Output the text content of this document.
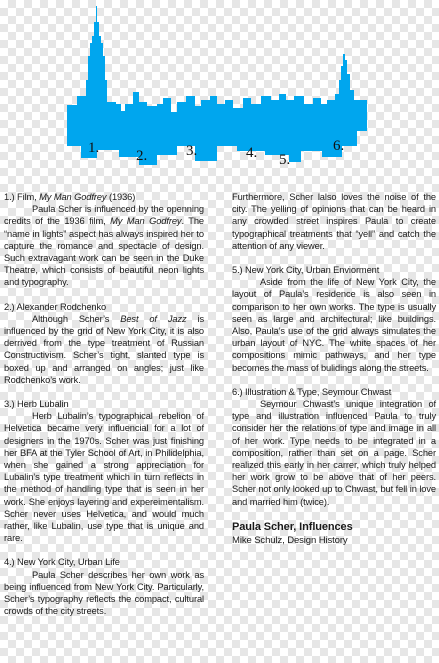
1. 2.	3.	4. 5.
6.

1.) Film, My Man Godfrey (1936)
Paula Scher is influenced by the openning credits of the 1936 film, My Man Godfrey. The “name in lights” aspect has always inspired her to capture the romance and spectacle of design. Such extravagant work can be seen in the Duke Theatre, which consists of beautiful neon lights and typography.

2.) Alexander Rodchenko
Although Scher’s Best of Jazz is influenced by the grid of New York City, it is also derrived from the type treatment of Russian Constructivism. Scher’s tight, slanted type is boxed up and arranged on angles; just like Rodchenko’s work.

3.) Herb Lubalin
Herb Lubalin’s typographical rebelion of Helvetica became very influencial for a lot of designers in the 1970s. Scher was just finishing her BFA at the Tyler School of Art, in Philidelphia, when she gained a strong appreciation for Lubalin’s type treatment which in turn reflects in the method of handling type that is seen in her work. She enjoys layering and expereimentalism. Scher never uses Helvetica, and would much rather, like Lubalin, use type that is unique and rare.

4.) New York City, Urban Life
Paula Scher describes her own work as being influenced from New York City. Particularly, Scher’s typography reflects the compact, cultural crowds of the city streets.

Furthermore, Scher lalso loves the noise of the city. The yelling of opinions that can be heard in any crowded street inspires Paula to create typographical treatments that “yell” and catch the attention of any viewer.

5.) New York City, Urban Enviorment
Aside from the life of New York City, the layout of Paula’s residence is also seen in comparison to her own works. The type is usually seen as large and architectural; like buildings. Also, Paula’s use of the grid always simulates the urban layout of NYC. The white spaces of her compositions mimic pathways, and her type becomes the mass of bulidings along the streets.

6.) Illustration & Type, Seymour Chwast
Seymour Chwast’s unique integration of type and illustration influenced Paula to truly consider her the relations of type and image in all of her work. Type needs to be integrated in a composition, rather than set on a page. Scher realized this early in her carrer, which truly helped her work grow to be above that of her peers. Scher not only looked up to Chwast, but fell in love and married him (twice).

Paula Scher, Influences
Mike Schulz, Design History
